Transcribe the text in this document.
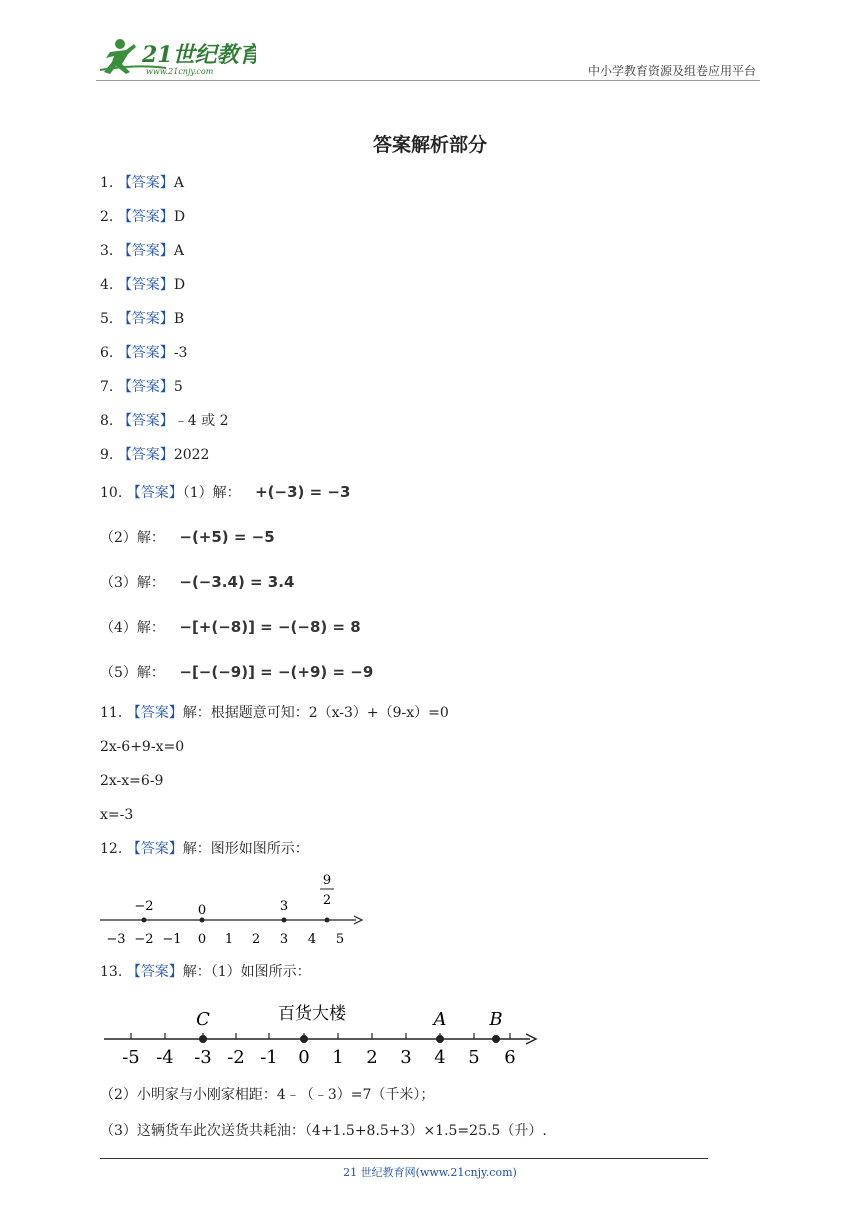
21世纪教育
www.21cnjy.com	中小学教育资源及组卷应用平台
答案解析部分
1. 【答案】A
2. 【答案】D
3. 【答案】A
4. 【答案】D
5. 【答案】B
6. 【答案】-3
7. 【答案】5
8. 【答案】﹣4 或 2
9. 【答案】2022
10. 【答案】（1）解： +(−3) = −3
（2）解： −(+5) = −5
（3）解： −(−3.4) = 3.4
（4）解： −[+(−8)] = −(−8) = 8
（5）解： −[−(−9)] = −(+9) = −9
11. 【答案】解：根据题意可知：2（x-3）+（9-x）=0
2x-6+9-x=0
2x-x=6-9
x=-3
12. 【答案】解：图形如图所示：
−3 −2 −1 0 1 2 3 4 5
−2	0	3
9
2
13. 【答案】解：（1）如图所示：
百货大楼
-5 -4 -3 -2 -1 0 1 2 3 4 5 6
C	A B
（2）小明家与小刚家相距：4﹣（﹣3）=7（千米）；
（3）这辆货车此次送货共耗油：（4+1.5+8.5+3）×1.5=25.5（升）.
21 世纪教育网(www.21cnjy.com)
